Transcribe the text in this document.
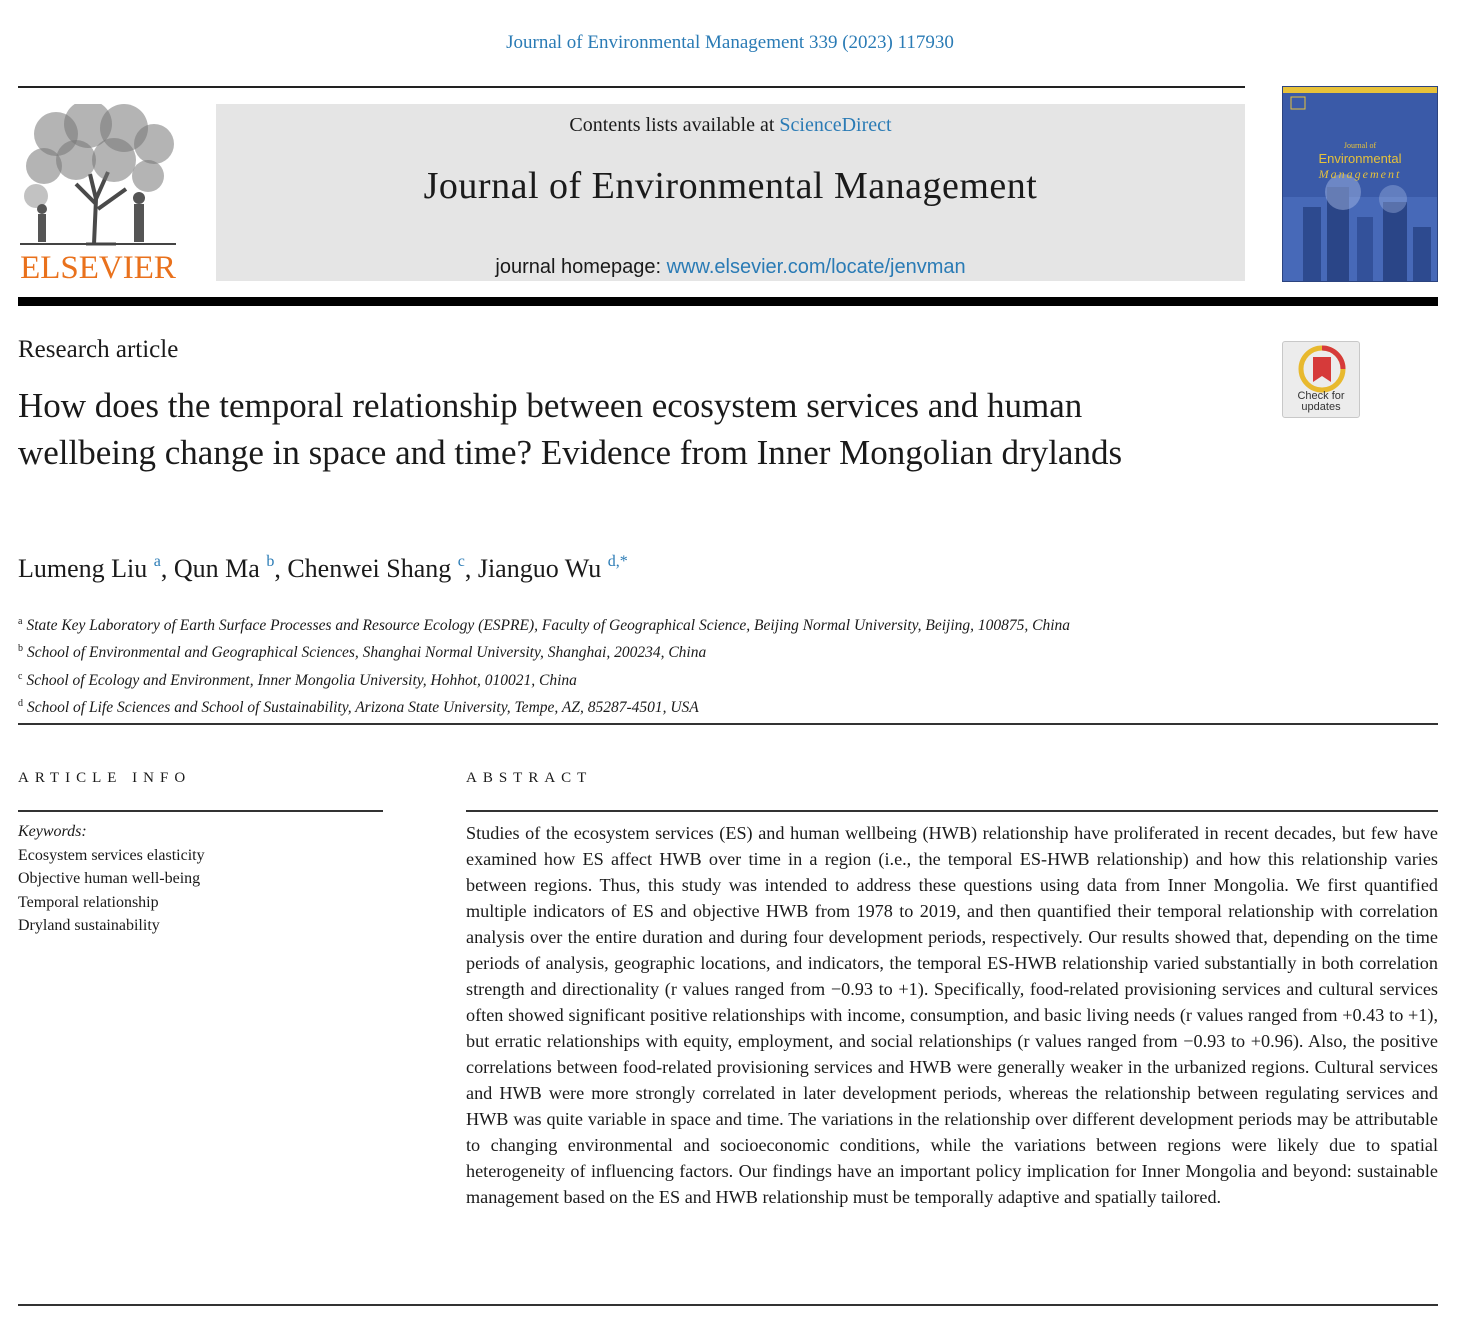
Journal of Environmental Management 339 (2023) 117930
ELSEVIER
Contents lists available at ScienceDirect
Journal of Environmental Management
journal homepage: www.elsevier.com/locate/jenvman
Journal of
Environmental
Management
Research article
How does the temporal relationship between ecosystem services and human wellbeing change in space and time? Evidence from Inner Mongolian drylands
Check for updates
Lumeng Liu $^a$, Qun Ma $^b$, Chenwei Shang $^c$, Jianguo Wu $^{d,*}$
$^a$ State Key Laboratory of Earth Surface Processes and Resource Ecology (ESPRE), Faculty of Geographical Science, Beijing Normal University, Beijing, 100875, China
$^b$ School of Environmental and Geographical Sciences, Shanghai Normal University, Shanghai, 200234, China
$^c$ School of Ecology and Environment, Inner Mongolia University, Hohhot, 010021, China
$^d$ School of Life Sciences and School of Sustainability, Arizona State University, Tempe, AZ, 85287-4501, USA
ARTICLE INFO	ABSTRACT
Keywords:
Ecosystem services elasticity
Objective human well-being
Temporal relationship
Dryland sustainability

Studies of the ecosystem services (ES) and human wellbeing (HWB) relationship have proliferated in recent decades, but few have examined how ES affect HWB over time in a region (i.e., the temporal ES-HWB relationship) and how this relationship varies between regions. Thus, this study was intended to address these questions using data from Inner Mongolia. We first quantified multiple indicators of ES and objective HWB from 1978 to 2019, and then quantified their temporal relationship with correlation analysis over the entire duration and during four development periods, respectively. Our results showed that, depending on the time periods of analysis, geographic locations, and indicators, the temporal ES-HWB relationship varied substantially in both correlation strength and directionality (r values ranged from −0.93 to +1). Specifically, food-related provisioning services and cultural services often showed significant positive relationships with income, consumption, and basic living needs (r values ranged from +0.43 to +1), but erratic relationships with equity, employment, and social relationships (r values ranged from −0.93 to +0.96). Also, the positive correlations between food-related provisioning services and HWB were generally weaker in the urbanized regions. Cultural services and HWB were more strongly correlated in later development periods, whereas the relationship between regulating services and HWB was quite variable in space and time. The variations in the relationship over different development periods may be attributable to changing environmental and socioeconomic conditions, while the variations between regions were likely due to spatial heterogeneity of influencing factors. Our findings have an important policy implication for Inner Mongolia and beyond: sustainable management based on the ES and HWB relationship must be temporally adaptive and spatially tailored.
